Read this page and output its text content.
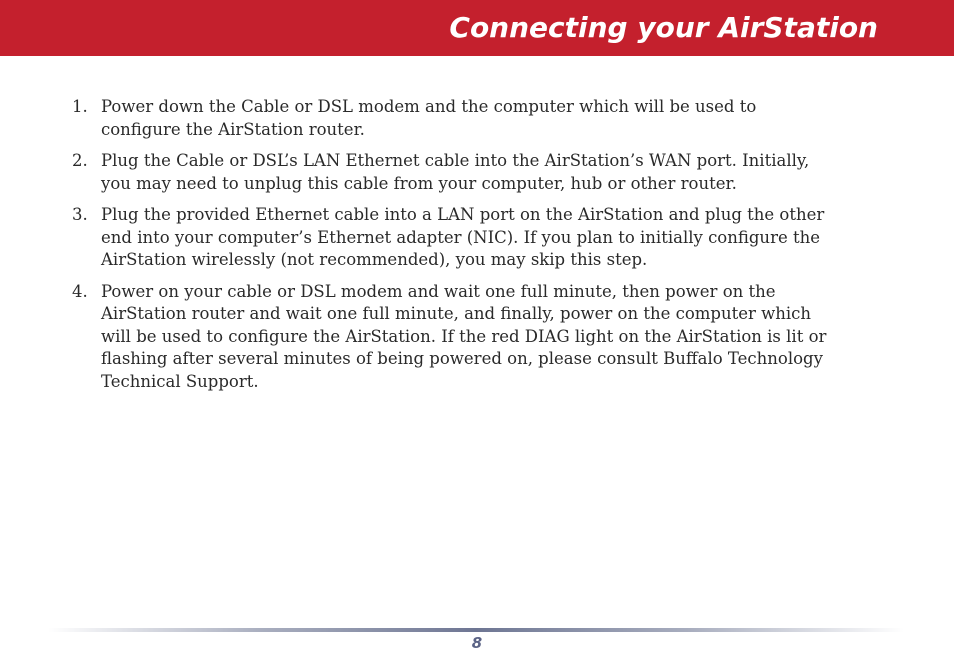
Connecting your AirStation
1. Power down the Cable or DSL modem and the computer which will be used to
configure the AirStation router.
2. Plug the Cable or DSL’s LAN Ethernet cable into the AirStation’s WAN port. Initially,
you may need to unplug this cable from your computer, hub or other router.
3. Plug the provided Ethernet cable into a LAN port on the AirStation and plug the other
end into your computer’s Ethernet adapter (NIC). If you plan to initially configure the
AirStation wirelessly (not recommended), you may skip this step.
4. Power on your cable or DSL modem and wait one full minute, then power on the
AirStation router and wait one full minute, and finally, power on the computer which
will be used to configure the AirStation. If the red DIAG light on the AirStation is lit or
flashing after several minutes of being powered on, please consult Buffalo Technology
Technical Support.
8
